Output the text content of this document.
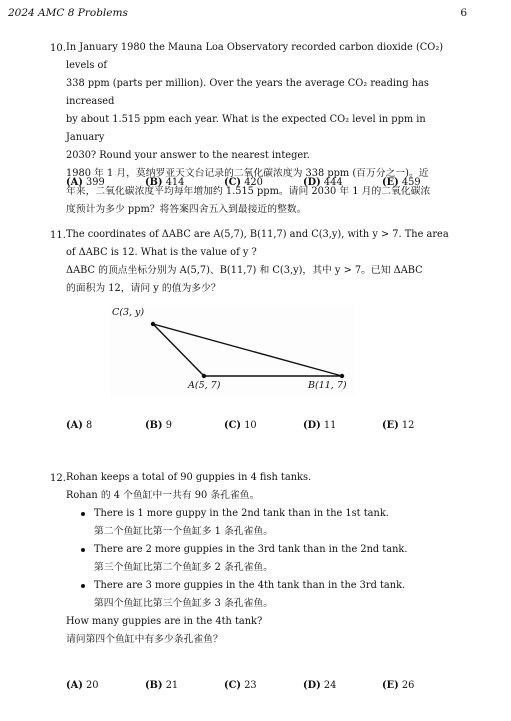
2024 AMC 8 Problems	6
10. In January 1980 the Mauna Loa Observatory recorded carbon dioxide (CO₂) levels of

338 ppm (parts per million). Over the years the average CO₂ reading has increased

by about 1.515 ppm each year. What is the expected CO₂ level in ppm in January

2030? Round your answer to the nearest integer.

1980 年 1 月，莫纳罗亚天文台记录的二氧化碳浓度为 338 ppm (百万分之一)。近

年来，二氧化碳浓度平均每年增加约 1.515 ppm。请问 2030 年 1 月的二氧化碳浓

度预计为多少 ppm？将答案四舍五入到最接近的整数。

(A) 399	(B) 414	(C) 420	(D) 444	(E) 459
11. The coordinates of ΔABC are A(5,7), B(11,7) and C(3,y), with y > 7. The area

of ΔABC is 12. What is the value of y ?

ΔABC 的顶点坐标分别为 A(5,7)、B(11,7) 和 C(3,y)，其中 y > 7。已知 ΔABC

的面积为 12，请问 y 的值为多少？

C(3, y)
A(5, 7)	B(11, 7)
(A) 8	(B) 9	(C) 10	(D) 11	(E) 12
12. Rohan keeps a total of 90 guppies in 4 fish tanks.

Rohan 的 4 个鱼缸中一共有 90 条孔雀鱼。

There is 1 more guppy in the 2nd tank than in the 1st tank.
第二个鱼缸比第一个鱼缸多 1 条孔雀鱼。
There are 2 more guppies in the 3rd tank than in the 2nd tank.
第三个鱼缸比第二个鱼缸多 2 条孔雀鱼。
There are 3 more guppies in the 4th tank than in the 3rd tank.
第四个鱼缸比第三个鱼缸多 3 条孔雀鱼。

How many guppies are in the 4th tank?

请问第四个鱼缸中有多少条孔雀鱼？

(A) 20	(B) 21	(C) 23	(D) 24	(E) 26
